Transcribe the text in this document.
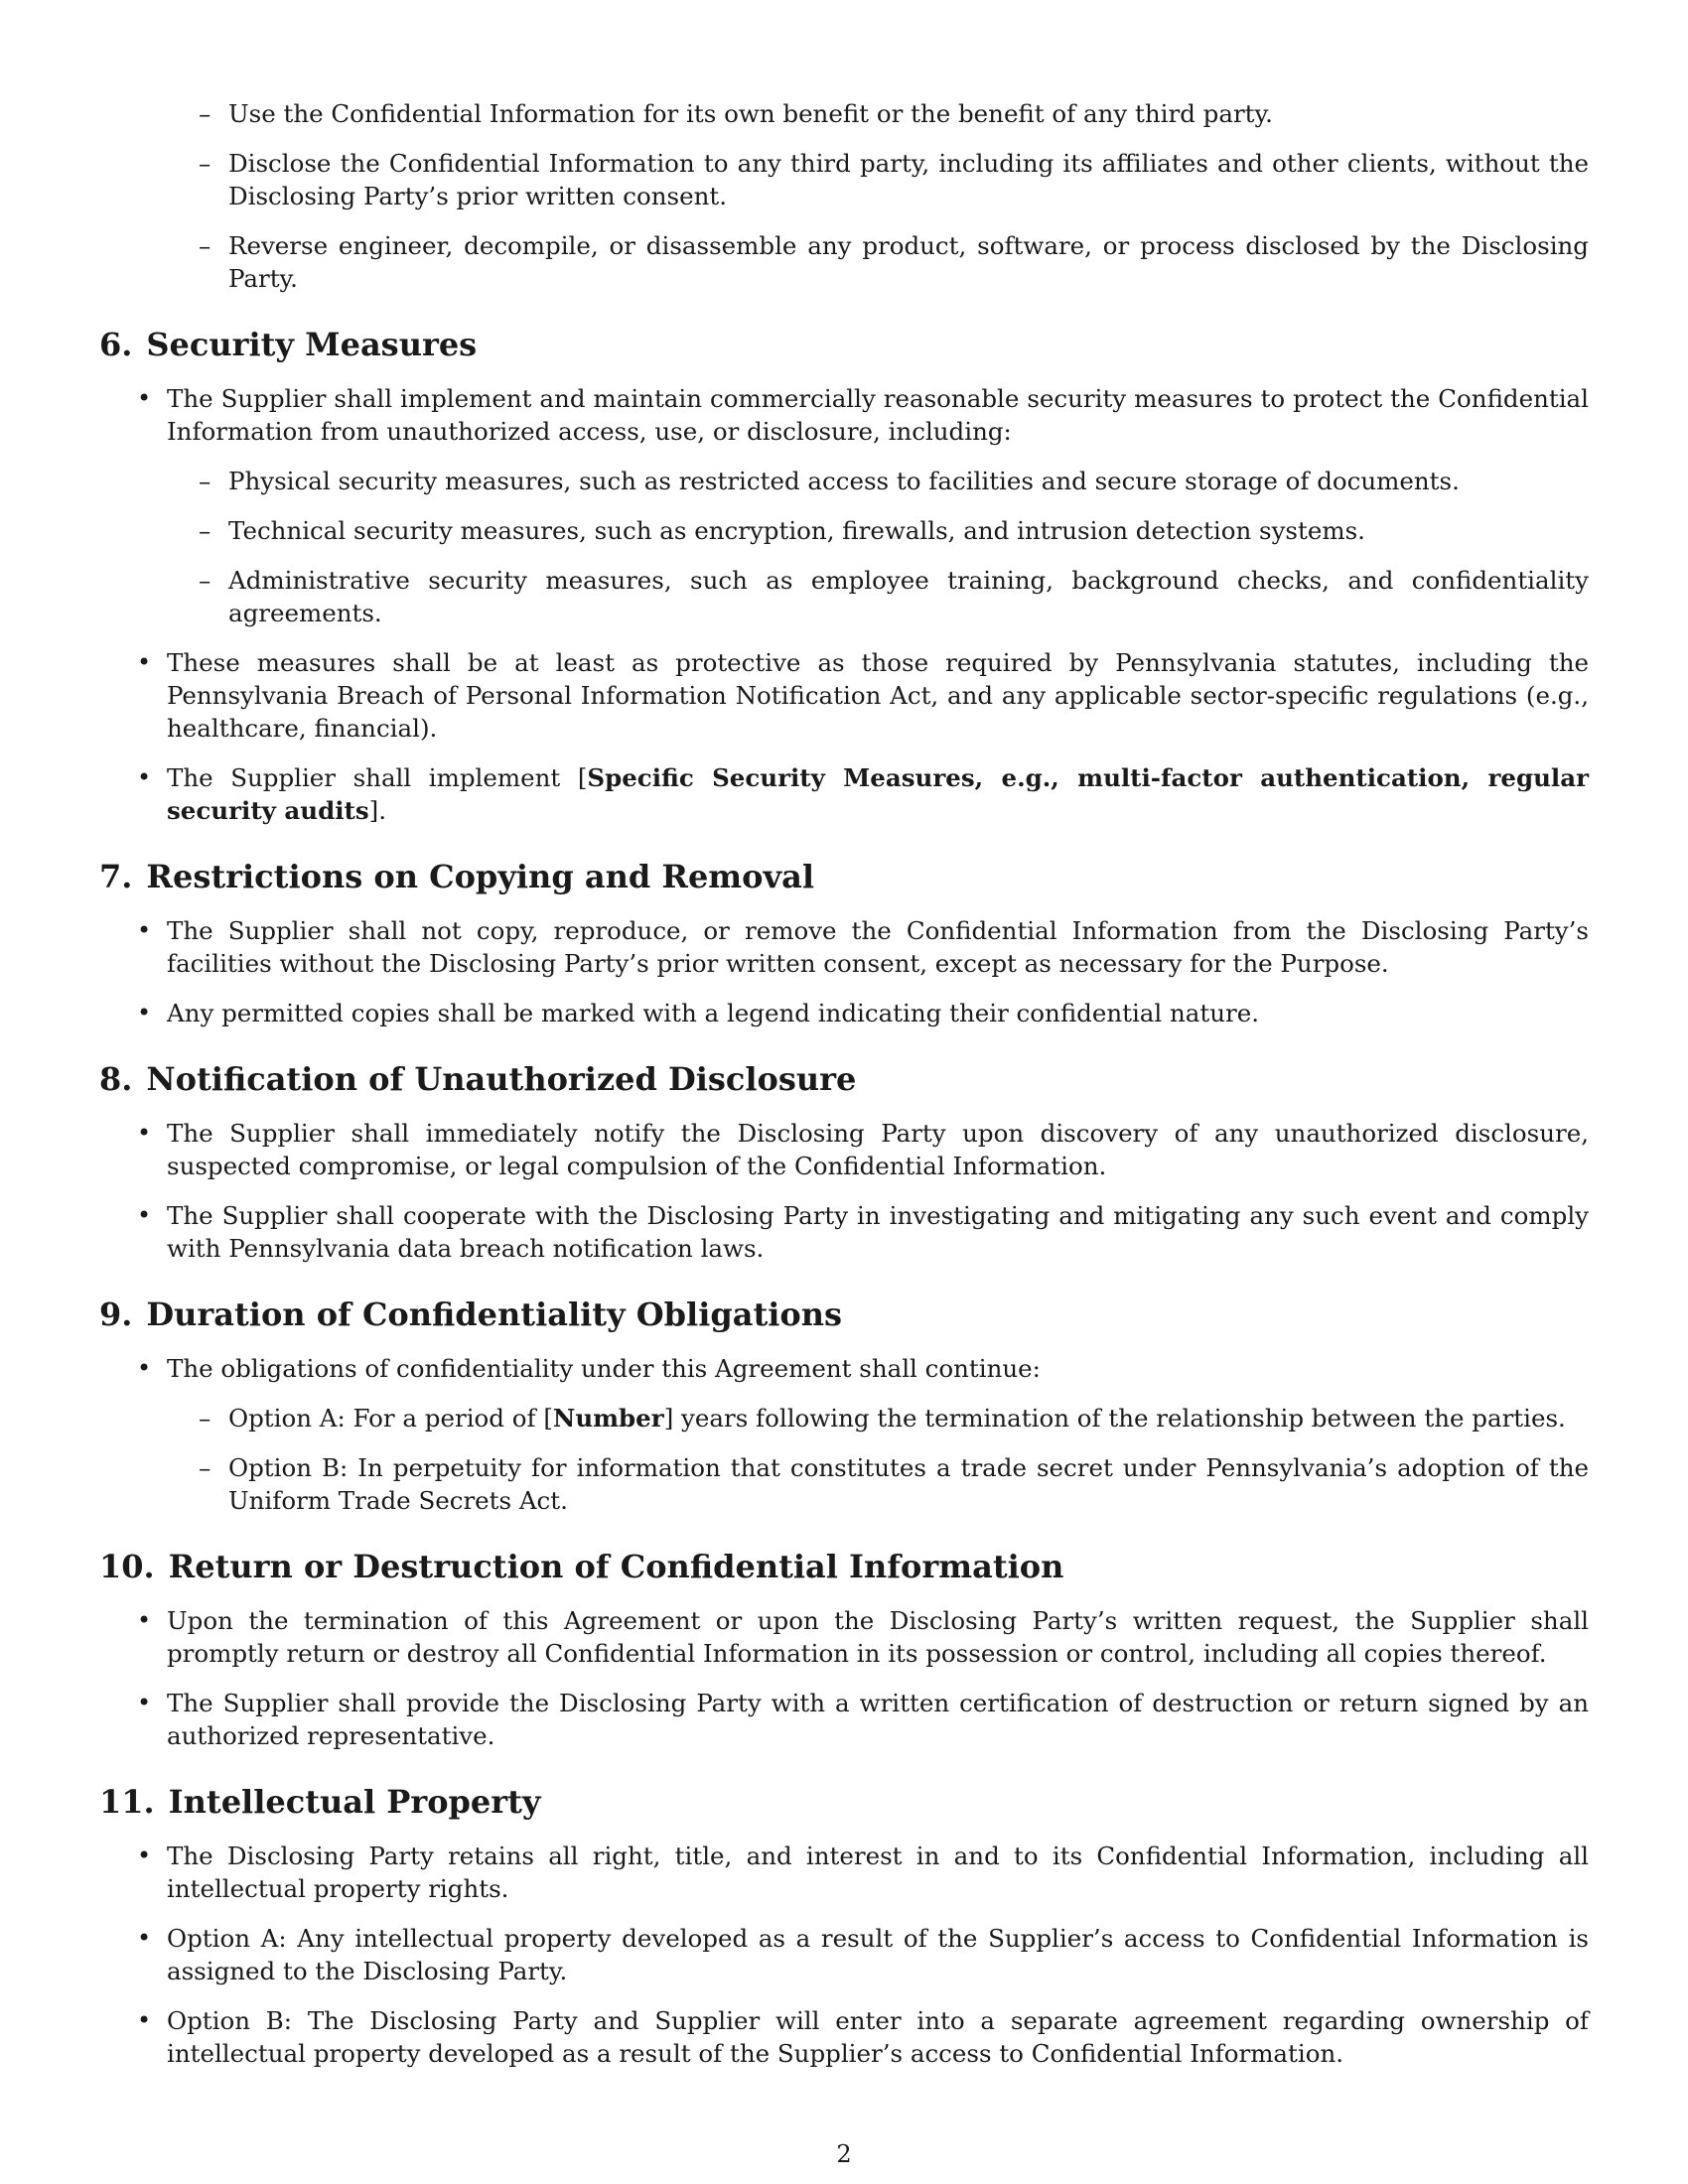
– Use the Confidential Information for its own benefit or the benefit of any third party.
– Disclose the Confidential Information to any third party, including its affiliates and other clients, without the Disclosing Party’s prior written consent.
– Reverse engineer, decompile, or disassemble any product, software, or process disclosed by the Disclosing Party.
6. Security Measures
• The Supplier shall implement and maintain commercially reasonable security measures to protect the Confidential Information from unauthorized access, use, or disclosure, including:
– Physical security measures, such as restricted access to facilities and secure storage of documents.
– Technical security measures, such as encryption, firewalls, and intrusion detection systems.
– Administrative security measures, such as employee training, background checks, and confidentiality agreements.
• These measures shall be at least as protective as those required by Pennsylvania statutes, including the Pennsylvania Breach of Personal Information Notification Act, and any applicable sector-specific regulations (e.g., healthcare, financial).
• The Supplier shall implement [Specific Security Measures, e.g., multi-factor authentication, regular security audits].
7. Restrictions on Copying and Removal
• The Supplier shall not copy, reproduce, or remove the Confidential Information from the Disclosing Party’s facilities without the Disclosing Party’s prior written consent, except as necessary for the Purpose.
• Any permitted copies shall be marked with a legend indicating their confidential nature.
8. Notification of Unauthorized Disclosure
• The Supplier shall immediately notify the Disclosing Party upon discovery of any unauthorized disclosure, suspected compromise, or legal compulsion of the Confidential Information.
• The Supplier shall cooperate with the Disclosing Party in investigating and mitigating any such event and comply with Pennsylvania data breach notification laws.
9. Duration of Confidentiality Obligations
• The obligations of confidentiality under this Agreement shall continue:
– Option A: For a period of [Number] years following the termination of the relationship between the parties.
– Option B: In perpetuity for information that constitutes a trade secret under Pennsylvania’s adoption of the Uniform Trade Secrets Act.
10. Return or Destruction of Confidential Information
• Upon the termination of this Agreement or upon the Disclosing Party’s written request, the Supplier shall promptly return or destroy all Confidential Information in its possession or control, including all copies thereof.
• The Supplier shall provide the Disclosing Party with a written certification of destruction or return signed by an authorized representative.
11. Intellectual Property
• The Disclosing Party retains all right, title, and interest in and to its Confidential Information, including all intellectual property rights.
• Option A: Any intellectual property developed as a result of the Supplier’s access to Confidential Information is assigned to the Disclosing Party.
• Option B: The Disclosing Party and Supplier will enter into a separate agreement regarding ownership of intellectual property developed as a result of the Supplier’s access to Confidential Information.
2
